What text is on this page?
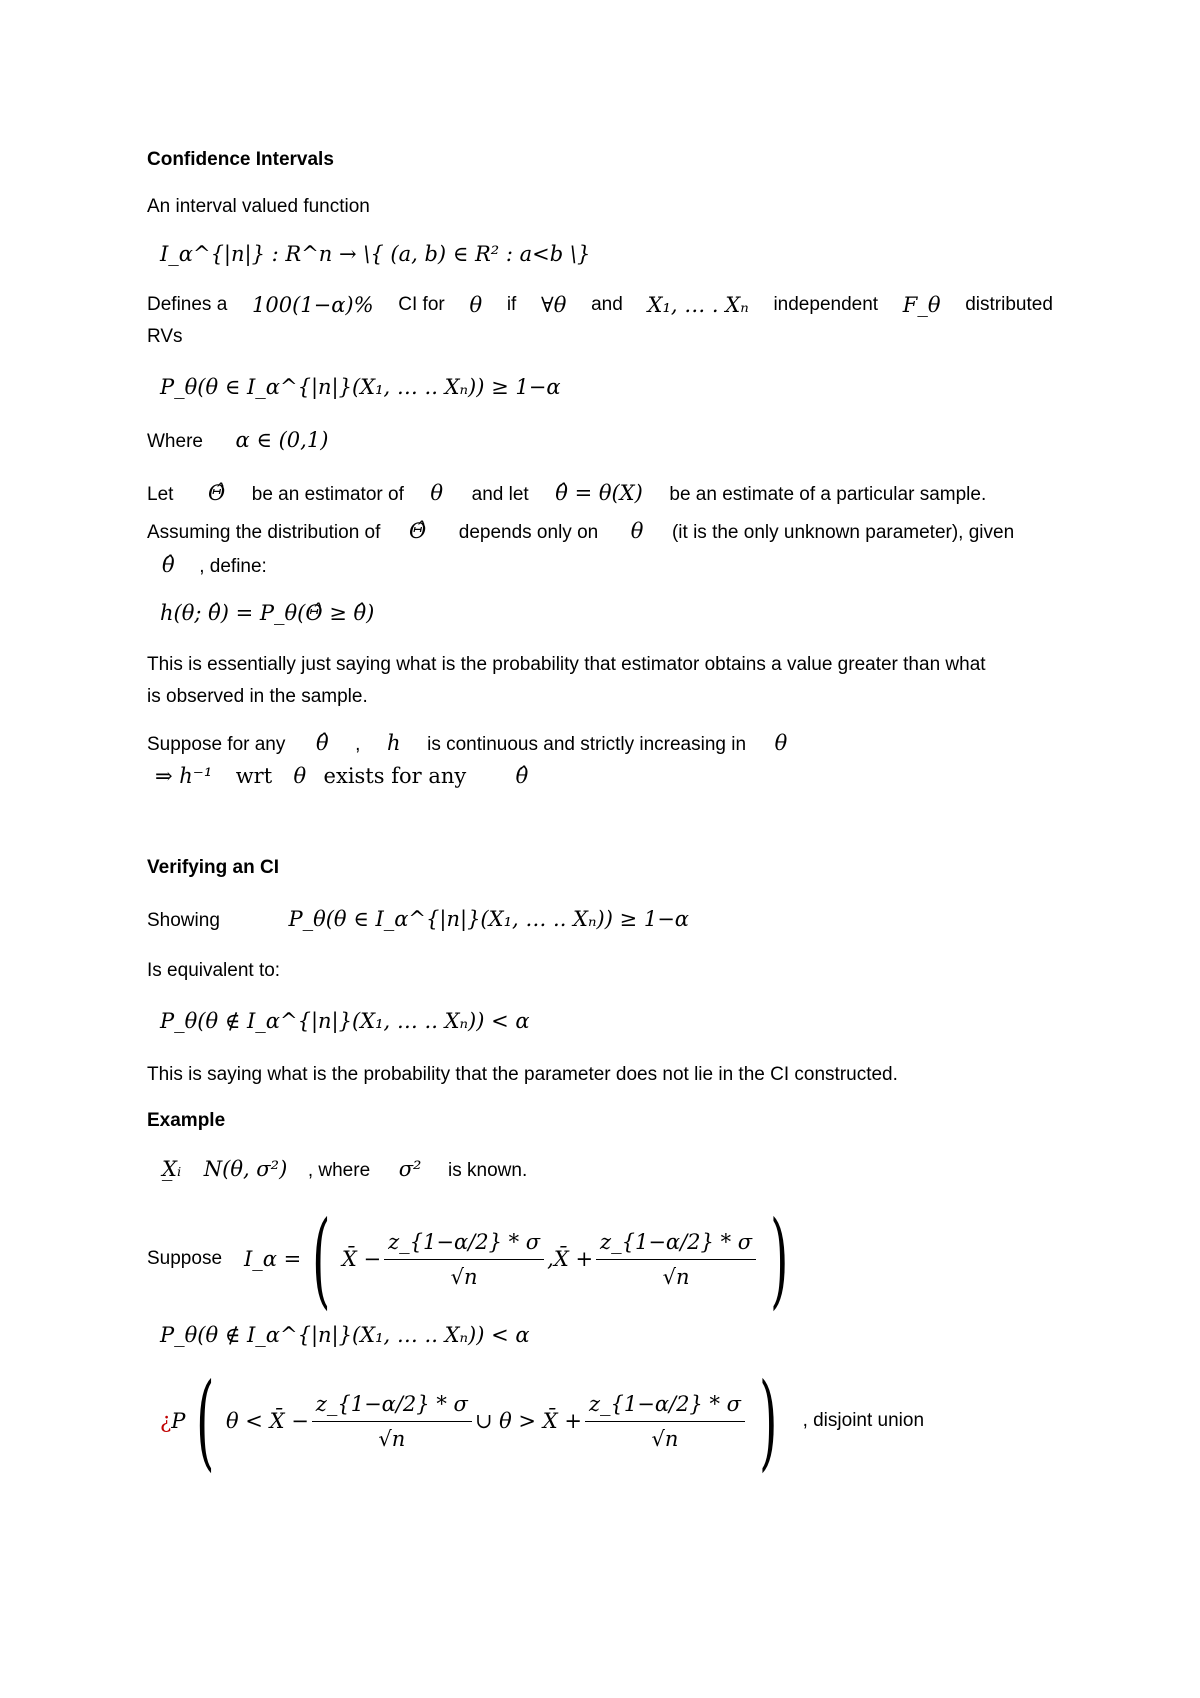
Confidence Intervals
An interval valued function
I_α^{|n|} : R^n → \{ (a, b) ∈ R² : a<b \}
Defines a 100(1−α)% CI for θ if ∀θ and X₁, … . Xₙ independent F_θ distributed
RVs
P_θ(θ ∈ I_α^{|n|}(X₁, … .. Xₙ)) ≥ 1−α
Where α ∈ (0,1)
Let Θ̂ be an estimator of θ and let θ̂ = θ(X) be an estimate of a particular sample.
Assuming the distribution of Θ̂ depends only on θ (it is the only unknown parameter), given
θ̂ , define:
h(θ; θ̂) = P_θ(Θ̂ ≥ θ̂)
This is essentially just saying what is the probability that estimator obtains a value greater than what
is observed in the sample.
Suppose for any θ̂ , h is continuous and strictly increasing in θ
⇒ h⁻¹ wrt θ exists for any θ̂
Verifying an CI
Showing	P_θ(θ ∈ I_α^{|n|}(X₁, … .. Xₙ)) ≥ 1−α
Is equivalent to:
P_θ(θ ∉ I_α^{|n|}(X₁, … .. Xₙ)) < α
This is saying what is the probability that the parameter does not lie in the CI constructed.
Example
X̲ᵢ N(θ, σ²) , where σ² is known.
Suppose I_α = ( X̄ − $\frac{z\_\{1-\alpha/2\} * \sigma}{√n}$ , X̄ + $\frac{z\_\{1-\alpha/2\} * \sigma}{√n}$ )
P_θ(θ ∉ I_α^{|n|}(X₁, … .. Xₙ)) < α
¿ P ( θ < X̄ − $\frac{z\_\{1-\alpha/2\} * \sigma}{√n}$ ∪ θ > X̄ + $\frac{z\_\{1-\alpha/2\} * \sigma}{√n}$ ) , disjoint union
